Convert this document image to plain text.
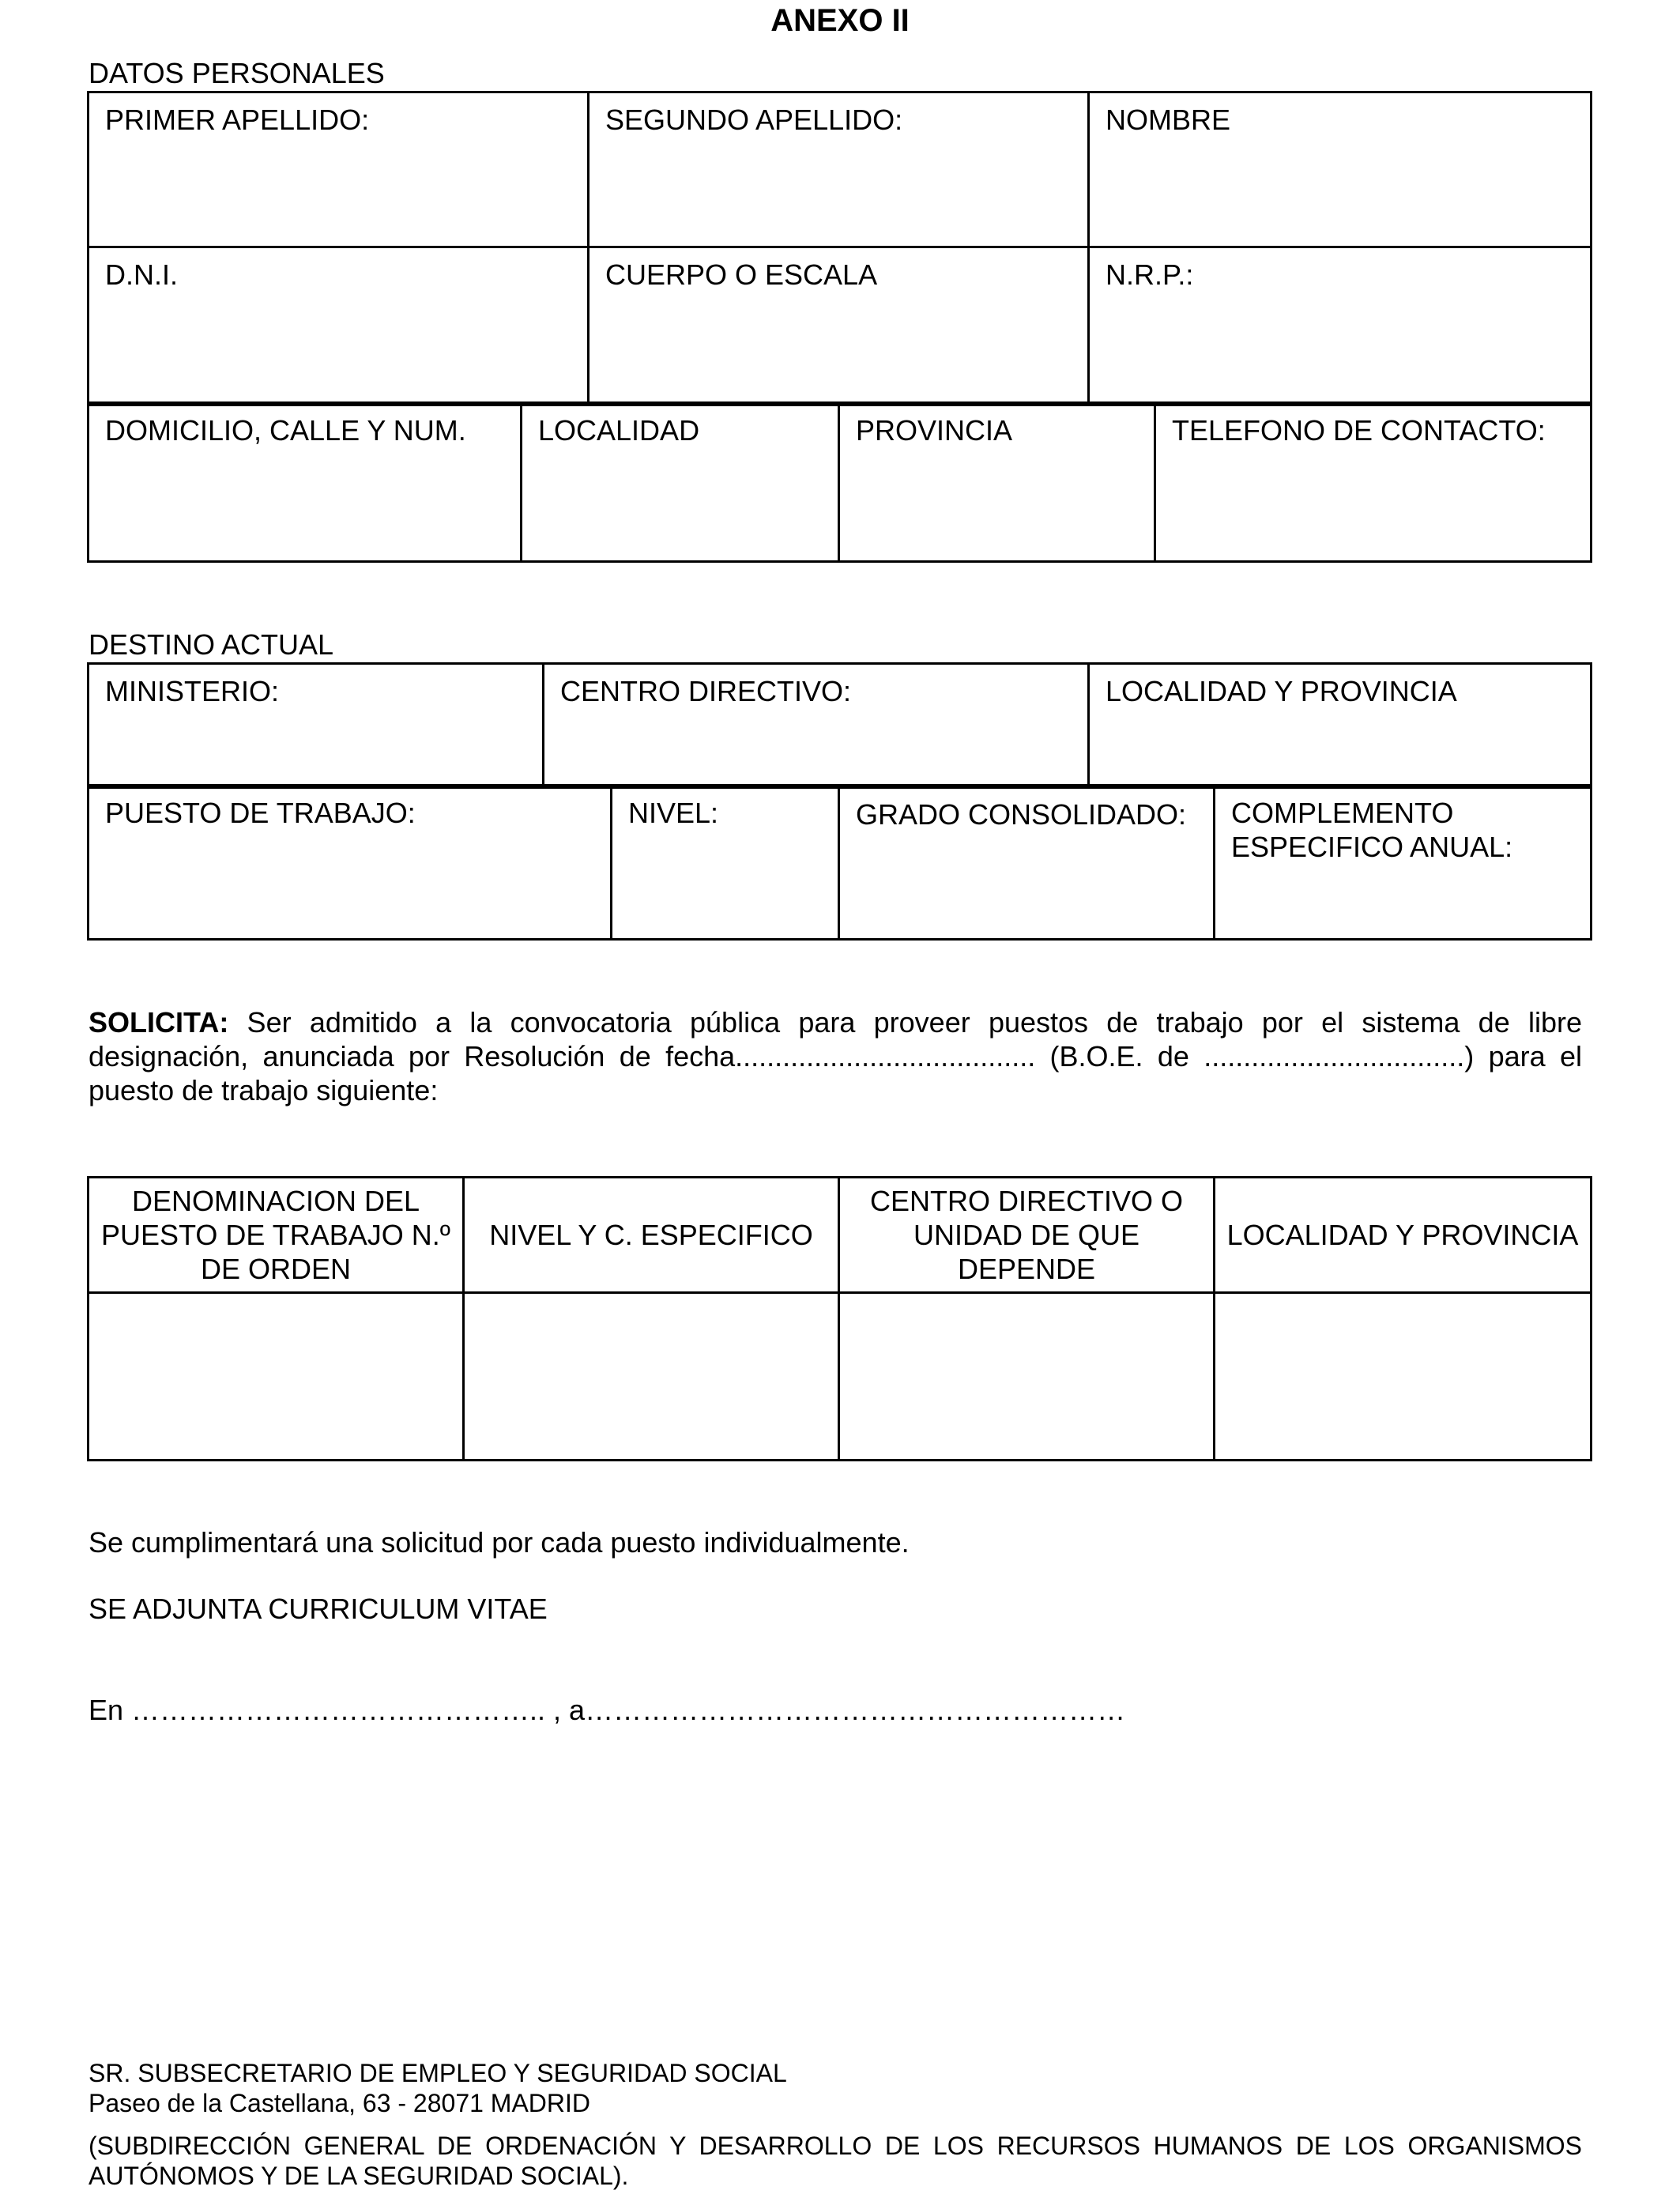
ANEXO II
DATOS PERSONALES
PRIMER APELLIDO:	SEGUNDO APELLIDO:	NOMBRE
D.N.I.	CUERPO O ESCALA	N.R.P.:
DOMICILIO, CALLE Y NUM.	LOCALIDAD	PROVINCIA	TELEFONO DE CONTACTO:
DESTINO ACTUAL
MINISTERIO:	CENTRO DIRECTIVO:	LOCALIDAD Y PROVINCIA
PUESTO DE TRABAJO:	NIVEL:	GRADO CONSOLIDADO:	COMPLEMENTO ESPECIFICO ANUAL:
SOLICITA: Ser admitido a la convocatoria pública para proveer puestos de trabajo por el sistema de libre designación, anunciada por Resolución de fecha...................................... (B.O.E. de .................................) para el puesto de trabajo siguiente:
DENOMINACION DEL PUESTO DE TRABAJO N.º DE ORDEN	NIVEL Y C. ESPECIFICO	CENTRO DIRECTIVO O UNIDAD DE QUE DEPENDE	LOCALIDAD Y PROVINCIA

Se cumplimentará una solicitud por cada puesto individualmente.
SE ADJUNTA CURRICULUM VITAE
En …………………………………….. , a…………………………………………………
SR. SUBSECRETARIO DE EMPLEO Y SEGURIDAD SOCIAL
Paseo de la Castellana, 63 - 28071 MADRID
(SUBDIRECCIÓN GENERAL DE ORDENACIÓN Y DESARROLLO DE LOS RECURSOS HUMANOS DE LOS ORGANISMOS AUTÓNOMOS Y DE LA SEGURIDAD SOCIAL).
